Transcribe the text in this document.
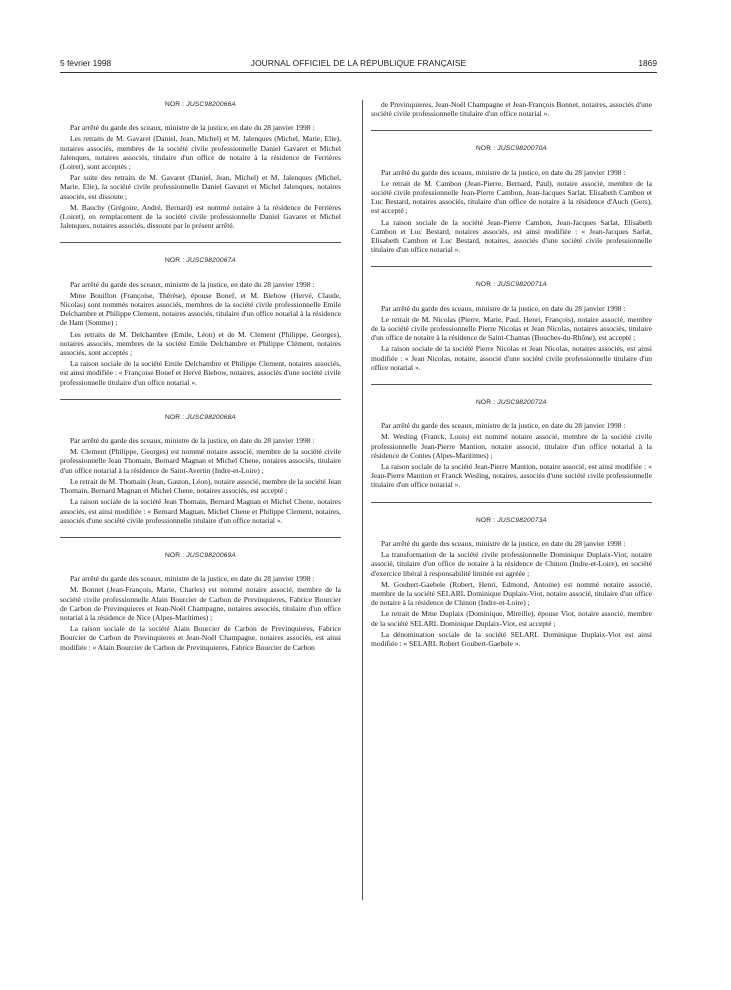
5 février 1998	JOURNAL OFFICIEL DE LA RÉPUBLIQUE FRANÇAISE	1869
NOR : JUSC9820066A

Par arrêté du garde des sceaux, ministre de la justice, en date du 28 janvier 1998 :

Les retraits de M. Gavaret (Daniel, Jean, Michel) et M. Jalenques (Michel, Marie, Elie), notaires associés, membres de la société civile professionnelle Daniel Gavaret et Michel Jalenques, notaires associés, titulaire d'un office de notaire à la résidence de Ferrières (Loiret), sont acceptés ;

Par suite des retraits de M. Gavaret (Daniel, Jean, Michel) et M. Jalenques (Michel, Marie, Elie), la société civile professionnelle Daniel Gavaret et Michel Jalenques, notaires associés, est dissoute ;

M. Bauchy (Grégoire, André, Bernard) est nommé notaire à la résidence de Ferrières (Loiret), en remplacement de la société civile professionnelle Daniel Gavaret et Michel Jalenques, notaires associés, dissoute par le présent arrêté.

NOR : JUSC9820067A

Par arrêté du garde des sceaux, ministre de la justice, en date du 28 janvier 1998 :

Mme Bouillon (Françoise, Thérèse), épouse Bonef, et M. Biebow (Hervé, Claude, Nicolas) sont nommés notaires associés, membres de la société civile professionnelle Emile Delchambre et Philippe Clement, notaires associés, titulaire d'un office notarial à la résidence de Ham (Somme) ;

Les retraits de M. Delchambre (Emile, Léon) et de M. Clement (Philippe, Georges), notaires associés, membres de la société Emile Delchambre et Philippe Clément, notaires associés, sont acceptés ;

La raison sociale de la société Emile Delchambre et Philippe Clement, notaires associés, est ainsi modifiée : « Françoise Bonef et Hervé Biebow, notaires, associés d'une société civile professionnelle titulaire d'un office notarial ».

NOR : JUSC9820068A

Par arrêté du garde des sceaux, ministre de la justice, en date du 28 janvier 1998 :

M. Clement (Philippe, Georges) est nommé notaire associé, membre de la société civile professionnelle Jean Thomain, Bernard Magnan et Michel Chene, notaires associés, titulaire d'un office notarial à la résidence de Saint-Avertin (Indre-et-Loire) ;

Le retrait de M. Thomain (Jean, Gaston, Léon), notaire associé, membre de la société Jean Thomain, Bernard Magnan et Michel Chene, notaires associés, est accepté ;

La raison sociale de la société Jean Thomain, Bernard Magnan et Michel Chene, notaires associés, est ainsi modifiée : « Bernard Magnan, Michel Chene et Philippe Clement, notaires, associés d'une société civile professionnelle titulaire d'un office notarial ».

NOR : JUSC9820069A

Par arrêté du garde des sceaux, ministre de la justice, en date du 28 janvier 1998 :

M. Bonnet (Jean-François, Marie, Charles) est nommé notaire associé, membre de la société civile professionnelle Alain Bourcier de Carbon de Previnquieres, Fabrice Bourcier de Carbon de Previnquieres et Jean-Noël Champagne, notaires associés, titulaire d'un office notarial à la résidence de Nice (Alpes-Maritimes) ;

La raison sociale de la société Alain Bourcier de Carbon de Previnquieres, Fabrice Bourcier de Carbon de Previnquieres et Jean-Noël Champagne, notaires associés, est ainsi modifiée : « Alain Bourcier de Carbon de Previnquieres, Fabrice Bourcier de Carbon

de Previnquieres, Jean-Noël Champagne et Jean-François Bonnet, notaires, associés d'une société civile professionnelle titulaire d'un office notarial ».

NOR : JUSC9820070A

Par arrêté du garde des sceaux, ministre de la justice, en date du 28 janvier 1998 :

Le retrait de M. Cambon (Jean-Pierre, Bernard, Paul), notaire associé, membre de la société civile professionnelle Jean-Pierre Cambon, Jean-Jacques Sarlat, Elisabeth Cambon et Luc Bestard, notaires associés, titulaire d'un office de notaire à la résidence d'Auch (Gers), est accepté ;

La raison sociale de la société Jean-Pierre Cambon, Jean-Jacques Sarlat, Elisabeth Cambon et Luc Bestard, notaires associés, est ainsi modifiée : « Jean-Jacques Sarlat, Elisabeth Cambon et Luc Bestard, notaires, associés d'une société civile professionnelle titulaire d'un office notarial ».

NOR : JUSC9820071A

Par arrêté du garde des sceaux, ministre de la justice, en date du 28 janvier 1998 :

Le retrait de M. Nicolas (Pierre, Marie, Paul, Henri, François), notaire associé, membre de la société civile professionnelle Pierre Nicolas et Jean Nicolas, notaires associés, titulaire d'un office de notaire à la résidence de Saint-Chamas (Bouches-du-Rhône), est accepté ;

La raison sociale de la société Pierre Nicolas et Jean Nicolas, notaires associés, est ainsi modifiée : « Jean Nicolas, notaire, associé d'une société civile professionnelle titulaire d'un office notarial ».

NOR : JUSC9820072A

Par arrêté du garde des sceaux, ministre de la justice, en date du 28 janvier 1998 :

M. Wesling (Franck, Louis) est nommé notaire associé, membre de la société civile professionnelle Jean-Pierre Mantion, notaire associé, titulaire d'un office notarial à la résidence de Contes (Alpes-Maritimes) ;

La raison sociale de la société Jean-Pierre Mantion, notaire associé, est ainsi modifiée : « Jean-Pierre Mantion et Franck Wesling, notaires, associés d'une société civile professionnelle titulaire d'un office notarial ».

NOR : JUSC9820073A

Par arrêté du garde des sceaux, ministre de la justice, en date du 28 janvier 1998 :

La transformation de la société civile professionnelle Dominique Duplaix-Viot, notaire associé, titulaire d'un office de notaire à la résidence de Chinon (Indre-et-Loire), en société d'exercice libéral à responsabilité limitée est agréée ;

M. Goubert-Gaebele (Robert, Henri, Edmond, Antoine) est nommé notaire associé, membre de la société SELARL Dominique Duplaix-Viot, notaire associé, titulaire d'un office de notaire à la résidence de Chinon (Indre-et-Loire) ;

Le retrait de Mme Duplaix (Dominique, Mireille), épouse Viot, notaire associé, membre de la société SELARL Dominique Duplaix-Viot, est accepté ;

La dénomination sociale de la société SELARL Dominique Duplaix-Viot est ainsi modifiée : « SELARL Robert Goubert-Gaebele ».
